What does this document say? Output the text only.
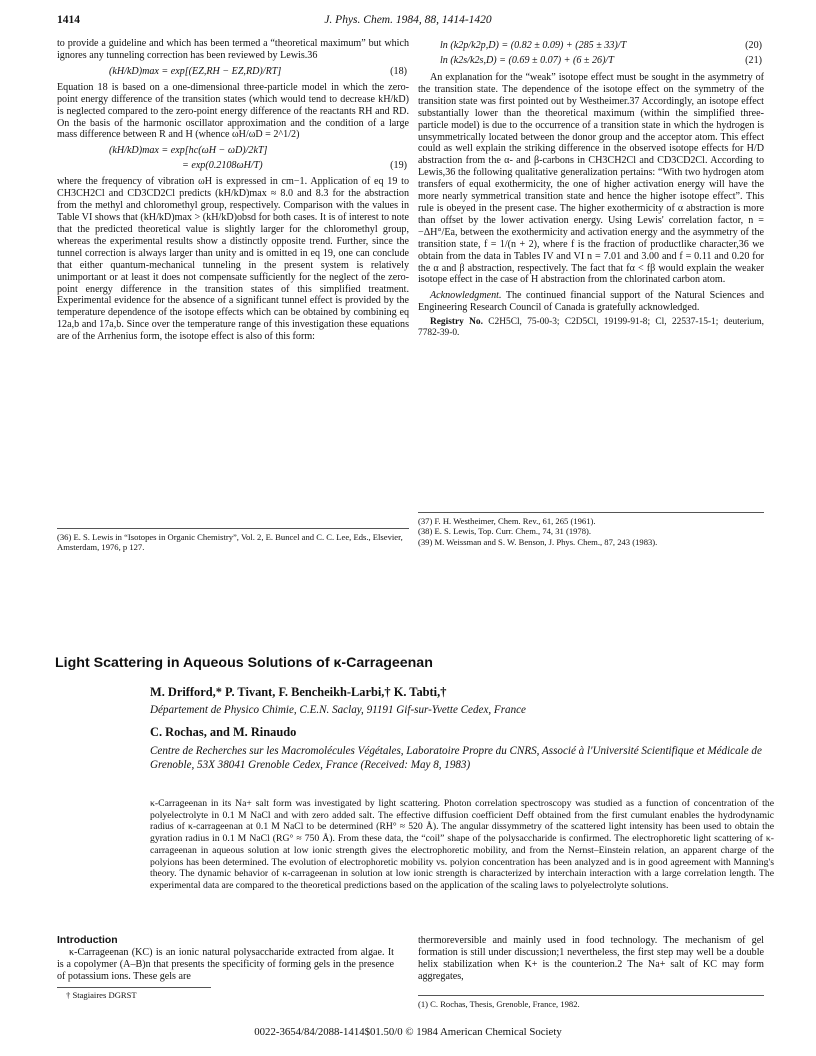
1414	J. Phys. Chem. 1984, 88, 1414-1420

to provide a guideline and which has been termed a “theoretical maximum” but which ignores any tunneling correction has been reviewed by Lewis.36

(kH/kD)max = exp[(EZ,RH − EZ,RD)/RT]	(18)

Equation 18 is based on a one-dimensional three-particle model in which the zero-point energy difference of the transition states (which would tend to decrease kH/kD) is neglected compared to the zero-point energy difference of the reactants RH and RD. On the basis of the harmonic oscillator approximation and the condition of a large mass difference between R and H (whence ωH/ωD = 2^1/2)

(kH/kD)max = exp[hc(ωH − ωD)/2kT]
= exp(0.2108ωH/T)	(19)

where the frequency of vibration ωH is expressed in cm−1. Application of eq 19 to CH3CH2Cl and CD3CD2Cl predicts (kH/kD)max ≈ 8.0 and 8.3 for the abstraction from the methyl and chloromethyl group, respectively. Comparison with the values in Table VI shows that (kH/kD)max > (kH/kD)obsd for both cases. It is of interest to note that the predicted theoretical value is slightly larger for the chloromethyl group, whereas the experimental results show a distinctly opposite trend. Further, since the tunnel correction is always larger than unity and is omitted in eq 19, one can conclude that either quantum-mechanical tunneling in the present system is relatively unimportant or at least it does not compensate sufficiently for the neglect of the zero-point energy difference in the transition states of this simplified treatment. Experimental evidence for the absence of a significant tunnel effect is provided by the temperature dependence of the isotope effects which can be obtained by combining eq 12a,b and 17a,b. Since over the temperature range of this investigation these equations are of the Arrhenius form, the isotope effect is also of this form:

ln (k2p/k2p,D) = (0.82 ± 0.09) + (285 ± 33)/T	(20)
ln (k2s/k2s,D) = (0.69 ± 0.07) + (6 ± 26)/T	(21)

An explanation for the “weak” isotope effect must be sought in the asymmetry of the transition state. The dependence of the isotope effect on the symmetry of the transition state was first pointed out by Westheimer.37 Accordingly, an isotope effect substantially lower than the theoretical maximum (within the simplified three-particle model) is due to the occurrence of a transition state in which the hydrogen is unsymmetrically located between the donor group and the acceptor atom. This effect could as well explain the striking difference in the observed isotope effects for H/D abstraction from the α- and β-carbons in CH3CH2Cl and CD3CD2Cl. According to Lewis,36 the following qualitative generalization pertains: “With two hydrogen atom transfers of equal exothermicity, the one of higher activation energy will have the more nearly symmetrical transition state and hence the higher isotope effect”. This rule is obeyed in the present case. The higher exothermicity of α abstraction is more than offset by the lower activation energy. Using Lewis' correlation factor, n = −ΔH°/Ea, between the exothermicity and activation energy and the asymmetry of the transition state, f = 1/(n + 2), where f is the fraction of productlike character,36 we obtain from the data in Tables IV and VI n = 7.01 and 3.00 and f = 0.11 and 0.20 for the α and β abstraction, respectively. The fact that fα < fβ would explain the weaker isotope effect in the case of H abstraction from the chlorinated carbon atom.

Acknowledgment. The continued financial support of the Natural Sciences and Engineering Research Council of Canada is gratefully acknowledged.

Registry No. C2H5Cl, 75-00-3; C2D5Cl, 19199-91-8; Cl, 22537-15-1; deuterium, 7782-39-0.

(36) E. S. Lewis in “Isotopes in Organic Chemistry”, Vol. 2, E. Buncel and C. C. Lee, Eds., Elsevier, Amsterdam, 1976, p 127.

(37) F. H. Westheimer, Chem. Rev., 61, 265 (1961).

(38) E. S. Lewis, Top. Curr. Chem., 74, 31 (1978).

(39) M. Weissman and S. W. Benson, J. Phys. Chem., 87, 243 (1983).

Light Scattering in Aqueous Solutions of κ-Carrageenan
M. Drifford,* P. Tivant, F. Bencheikh-Larbi,† K. Tabti,†
Département de Physico Chimie, C.E.N. Saclay, 91191 Gif-sur-Yvette Cedex, France
C. Rochas, and M. Rinaudo
Centre de Recherches sur les Macromolécules Végétales, Laboratoire Propre du CNRS, Associé à l'Université Scientifique et Médicale de Grenoble, 53X 38041 Grenoble Cedex, France (Received: May 8, 1983)
κ-Carrageenan in its Na+ salt form was investigated by light scattering. Photon correlation spectroscopy was studied as a function of concentration of the polyelectrolyte in 0.1 M NaCl and with zero added salt. The effective diffusion coefficient Deff obtained from the first cumulant enables the hydrodynamic radius of κ-carrageenan at 0.1 M NaCl to be determined (RH° ≈ 520 Å). The angular dissymmetry of the scattered light intensity has been used to obtain the gyration radius in 0.1 M NaCl (RG° ≈ 750 Å). From these data, the “coil” shape of the polysaccharide is confirmed. The electrophoretic light scattering of κ-carrageenan in aqueous solution at low ionic strength gives the electrophoretic mobility, and from the Nernst–Einstein relation, an apparent charge of the polyions has been determined. The evolution of electrophoretic mobility vs. polyion concentration has been analyzed and is in good agreement with Manning's theory. The dynamic behavior of κ-carrageenan in solution at low ionic strength is characterized by interchain interaction with a large correlation length. The experimental data are compared to the theoretical predictions based on the application of the scaling laws to polyelectrolyte solutions.
Introduction

κ-Carrageenan (KC) is an ionic natural polysaccharide extracted from algae. It is a copolymer (A–B)n that presents the specificity of forming gels in the presence of potassium ions. These gels are

thermoreversible and mainly used in food technology. The mechanism of gel formation is still under discussion;1 nevertheless, the first step may well be a double helix stabilization when K+ is the counterion.2 The Na+ salt of KC may form aggregates,

† Stagiaires DGRST
(1) C. Rochas, Thesis, Grenoble, France, 1982.
0022-3654/84/2088-1414$01.50/0 © 1984 American Chemical Society
